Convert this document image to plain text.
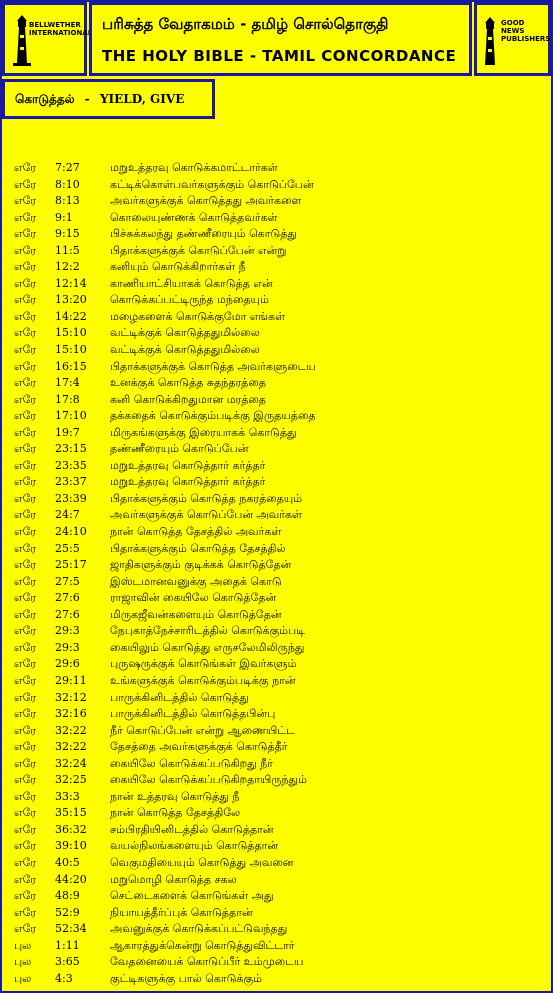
BELLWETHER INTERNATIONAL பரிசுத்த வேதாகமம் - தமிழ் சொல்தொகுதி
THE HOLY BIBLE - TAMIL CONCORDANCE
GOOD NEWS PUBLISHERS
கொடுத்தல் - YIELD, GIVE
எரே	7:27	மறுஉத்தரவு கொடுக்கமாட்டார்கள்
எரே	8:10	கட்டிக்கொள்பவர்களுக்கும் கொடுப்பேன்
எரே	8:13	அவர்களுக்குக் கொடுத்தது அவர்களை
எரே	9:1	கொலையுண்ணக் கொடுத்தவர்கள்
எரே	9:15	பிச்சுக்கலந்து தண்ணீரையும் கொடுத்து
எரே	11:5	பிதாக்களுக்குக் கொடுப்பேன் என்று
எரே	12:2	கனியும் கொடுக்கிறார்கள் நீ
எரே	12:14	காணியாட்சியாகக் கொடுத்த என்
எரே	13:20	கொடுக்கப்பட்டிருந்த மந்தையும்
எரே	14:22	மழைகளைக் கொடுக்குமோ எங்கள்
எரே	15:10	வட்டிக்குக் கொடுத்ததுமில்லை
எரே	15:10	வட்டிக்குக் கொடுத்ததுமில்லை
எரே	16:15	பிதாக்களுக்குக் கொடுத்த அவர்களுடைய
எரே	17:4	உனக்குக் கொடுத்த சுதந்தரத்தை
எரே	17:8	கனி கொடுக்கிறதுமான மரத்தை
எரே	17:10	தக்கதைக் கொடுக்கும்படிக்கு இருதயத்தை
எரே	19:7	மிருகங்களுக்கு இரையாகக் கொடுத்து
எரே	23:15	தண்ணீரையும் கொடுப்பேன்
எரே	23:35	மறுஉத்தரவு கொடுத்தார் கர்த்தர்
எரே	23:37	மறுஉத்தரவு கொடுத்தார் கர்த்தர்
எரே	23:39	பிதாக்களுக்கும் கொடுத்த நகரத்தையும்
எரே	24:7	அவர்களுக்குக் கொடுப்பேன் அவர்கள்
எரே	24:10	நான் கொடுத்த தேசத்தில் அவர்கள்
எரே	25:5	பிதாக்களுக்கும் கொடுத்த தேசத்தில்
எரே	25:17	ஜாதிகளுக்கும் குடிக்கக் கொடுத்தேன்
எரே	27:5	இஸ்டமானவனுக்கு அதைக் கொடு
எரே	27:6	ராஜாவின் கையிலே கொடுத்தேன்
எரே	27:6	மிருகஜீவன்களையும் கொடுத்தேன்
எரே	29:3	நேபுகாத்நேச்சாரிடத்தில் கொடுக்கும்படி
எரே	29:3	கையிலும் கொடுத்து எருசலேமிலிருந்து
எரே	29:6	புருஷருக்குக் கொடுங்கள் இவர்களும்
எரே	29:11	உங்களுக்குக் கொடுக்கும்படிக்கு நான்
எரே	32:12	பாருக்கினிடத்தில் கொடுத்து
எரே	32:16	பாருக்கினிடத்தில் கொடுத்தபின்பு
எரே	32:22	நீர் கொடுப்பேன் என்று ஆணையிட்ட
எரே	32:22	தேசத்தை அவர்களுக்குக் கொடுத்தீர்
எரே	32:24	கையிலே கொடுக்கப்படுகிறது நீர்
எரே	32:25	கையிலே கொடுக்கப்படுகிறதாயிருந்தும்
எரே	33:3	நான் உத்தரவு கொடுத்து நீ
எரே	35:15	நான் கொடுத்த தேசத்திலே
எரே	36:32	சம்பிரதியினிடத்தில் கொடுத்தான்
எரே	39:10	வயல்நிலங்களையும் கொடுத்தான்
எரே	40:5	வெகுமதியையும் கொடுத்து அவனை
எரே	44:20	மறுமொழி கொடுத்த சகல
எரே	48:9	செட்டைகளைக் கொடுங்கள் அது
எரே	52:9	நியாயத்தீர்ப்புக் கொடுத்தான்
எரே	52:34	அவனுக்குக் கொடுக்கப்பட்டுவந்தது
புல	1:11	ஆகாரத்துக்கென்று கொடுத்துவிட்டார்
புல	3:65	வேதனையைக் கொடுப்பீர் உம்முடைய
புல	4:3	குட்டிகளுக்கு பால் கொடுக்கும்
